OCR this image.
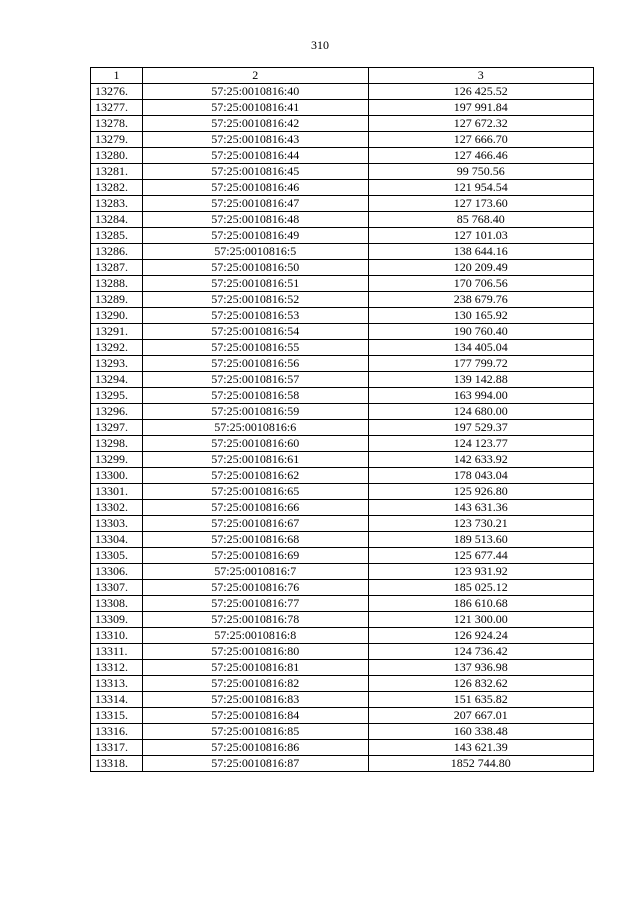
310
1	2	3
13276.	57:25:0010816:40	126 425.52
13277.	57:25:0010816:41	197 991.84
13278.	57:25:0010816:42	127 672.32
13279.	57:25:0010816:43	127 666.70
13280.	57:25:0010816:44	127 466.46
13281.	57:25:0010816:45	99 750.56
13282.	57:25:0010816:46	121 954.54
13283.	57:25:0010816:47	127 173.60
13284.	57:25:0010816:48	85 768.40
13285.	57:25:0010816:49	127 101.03
13286.	57:25:0010816:5	138 644.16
13287.	57:25:0010816:50	120 209.49
13288.	57:25:0010816:51	170 706.56
13289.	57:25:0010816:52	238 679.76
13290.	57:25:0010816:53	130 165.92
13291.	57:25:0010816:54	190 760.40
13292.	57:25:0010816:55	134 405.04
13293.	57:25:0010816:56	177 799.72
13294.	57:25:0010816:57	139 142.88
13295.	57:25:0010816:58	163 994.00
13296.	57:25:0010816:59	124 680.00
13297.	57:25:0010816:6	197 529.37
13298.	57:25:0010816:60	124 123.77
13299.	57:25:0010816:61	142 633.92
13300.	57:25:0010816:62	178 043.04
13301.	57:25:0010816:65	125 926.80
13302.	57:25:0010816:66	143 631.36
13303.	57:25:0010816:67	123 730.21
13304.	57:25:0010816:68	189 513.60
13305.	57:25:0010816:69	125 677.44
13306.	57:25:0010816:7	123 931.92
13307.	57:25:0010816:76	185 025.12
13308.	57:25:0010816:77	186 610.68
13309.	57:25:0010816:78	121 300.00
13310.	57:25:0010816:8	126 924.24
13311.	57:25:0010816:80	124 736.42
13312.	57:25:0010816:81	137 936.98
13313.	57:25:0010816:82	126 832.62
13314.	57:25:0010816:83	151 635.82
13315.	57:25:0010816:84	207 667.01
13316.	57:25:0010816:85	160 338.48
13317.	57:25:0010816:86	143 621.39
13318.	57:25:0010816:87	1852 744.80
